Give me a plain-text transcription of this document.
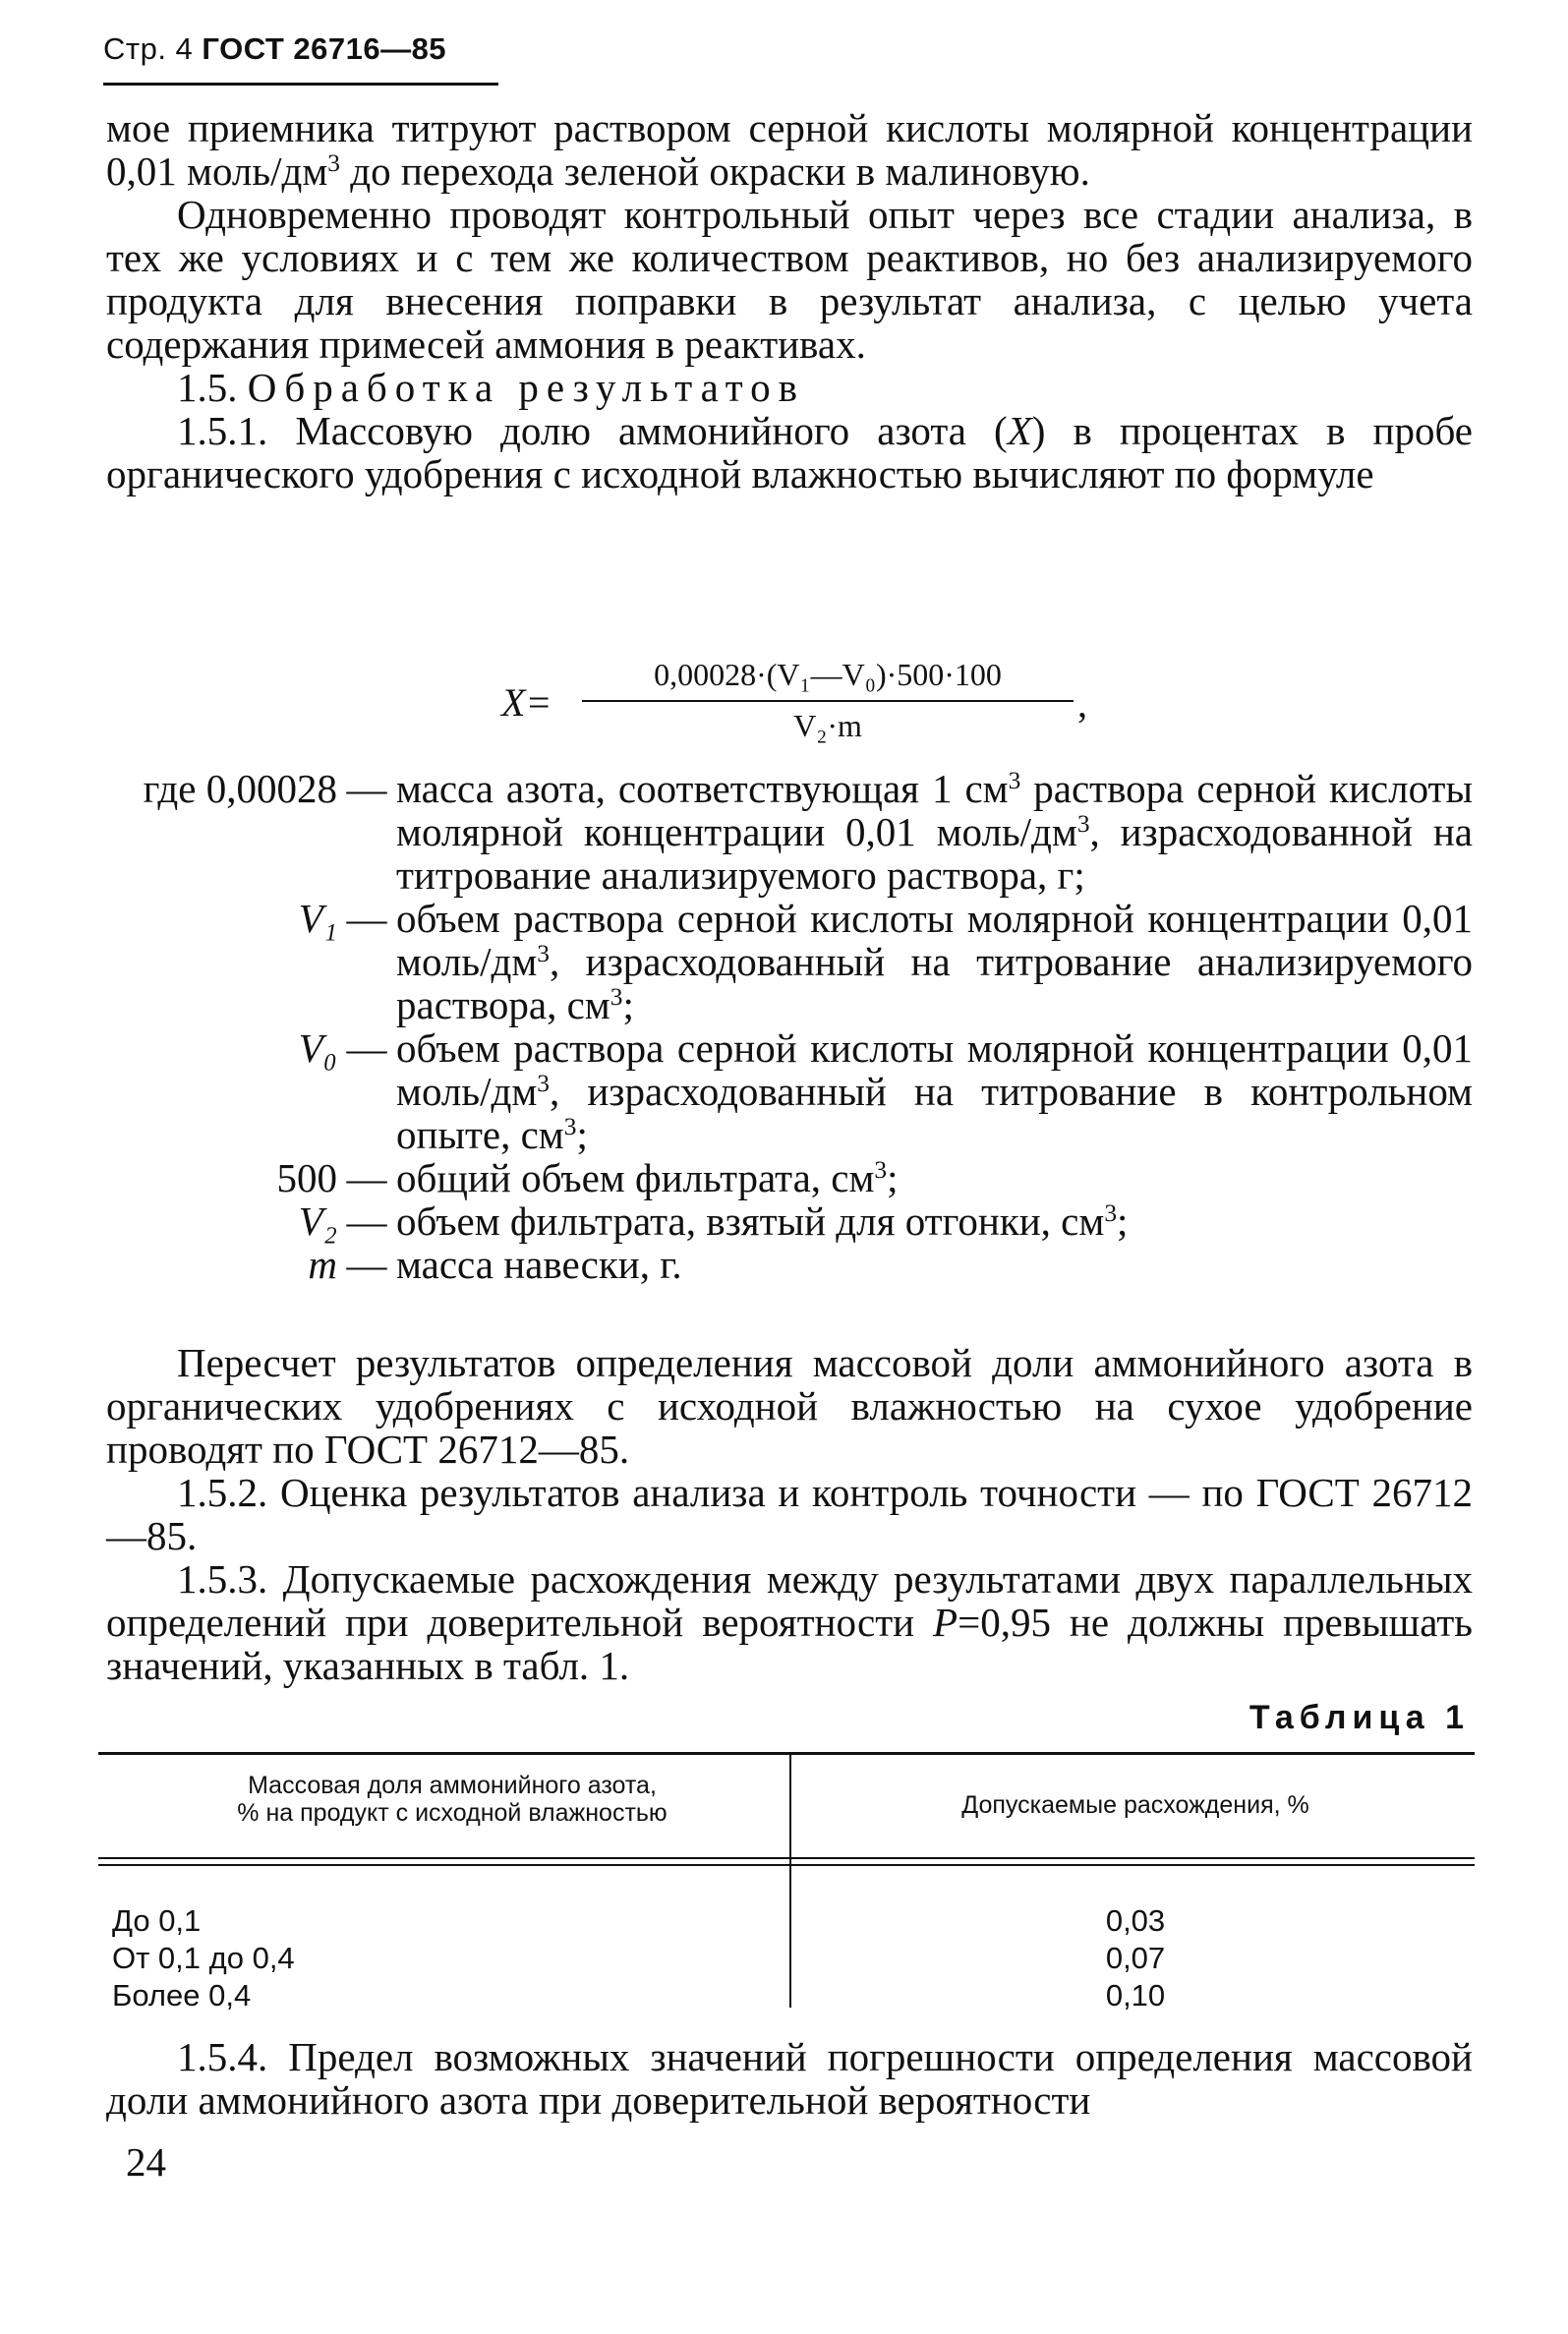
Стр. 4 ГОСТ 26716—85

мое приемника титруют раствором серной кислоты молярной концентрации 0,01 моль/$дм^3$ до перехода зеленой окраски в малиновую.

Одновременно проводят контрольный опыт через все стадии анализа, в тех же условиях и с тем же количеством реактивов, но без анализируемого продукта для внесения поправки в результат анализа, с целью учета содержания примесей аммония в реактивах.

1.5. Обработка результатов

1.5.1. Массовую долю аммонийного азота (X) в процентах в пробе органического удобрения с исходной влажностью вычисляют по формуле

X=
0,00028·(V₁—V₀)·500·100
V₂·m	,
где 0,00028 — масса азота, соответствующая 1 $см^3$ раствора серной кислоты молярной концентрации 0,01 моль/$дм^3$, израсходованной на титрование анализируемого раствора, г;
V₁ — объем раствора серной кислоты молярной концентрации 0,01 моль/$дм^3$, израсходованный на титрование анализируемого раствора, $см^3$;
V₀ — объем раствора серной кислоты молярной концентрации 0,01 моль/$дм^3$, израсходованный на титрование в контрольном опыте, $см^3$;
500 — общий объем фильтрата, $см^3$;
V₂ — объем фильтрата, взятый для отгонки, $см^3$;
m — масса навески, г.

Пересчет результатов определения массовой доли аммонийного азота в органических удобрениях с исходной влажностью на сухое удобрение проводят по ГОСТ 26712—85.

1.5.2. Оценка результатов анализа и контроль точности — по ГОСТ 26712—85.

1.5.3. Допускаемые расхождения между результатами двух параллельных определений при доверительной вероятности P=0,95 не должны превышать значений, указанных в табл. 1.

Таблица 1
Массовая доля аммонийного азота,
% на продукт с исходной влажностью	Допускаемые расхождения, %
До 0,1
От 0,1 до 0,4
Более 0,4
0,03
0,07
0,10

1.5.4. Предел возможных значений погрешности определения массовой доли аммонийного азота при доверительной вероятности

24
